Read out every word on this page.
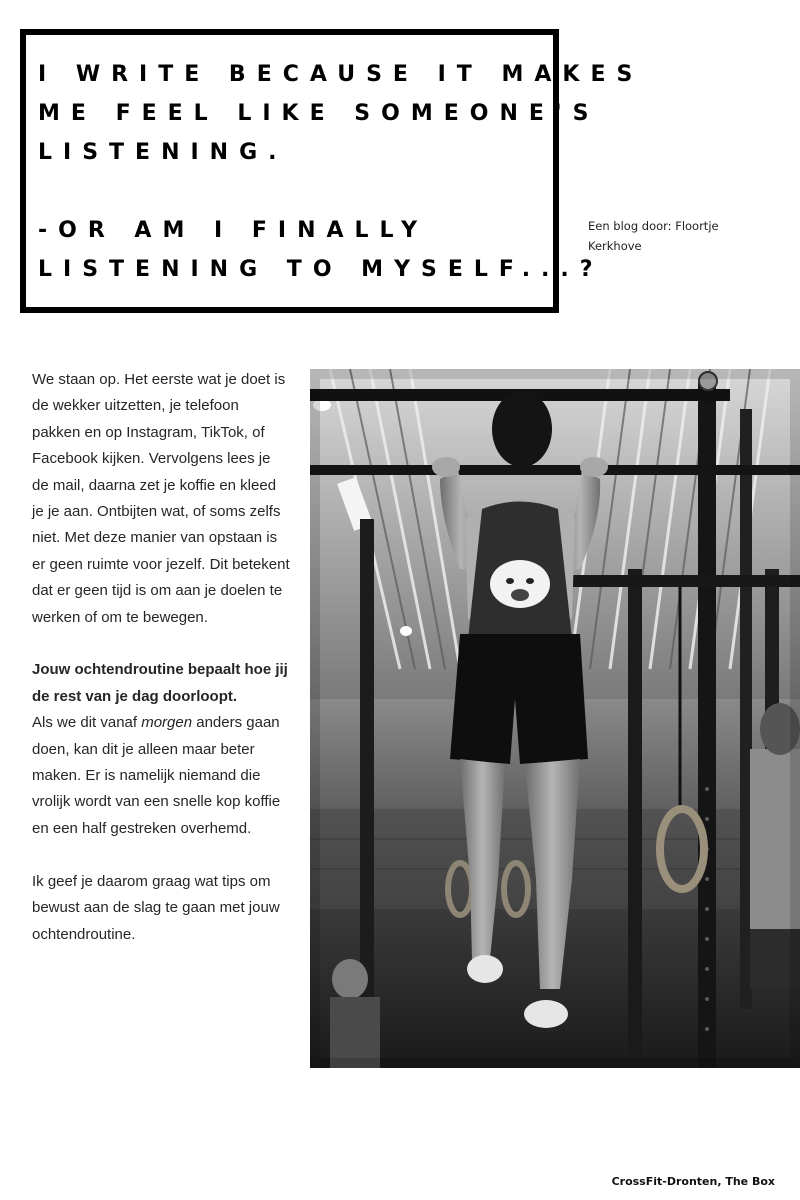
I WRITE BECAUSE IT MAKES
ME FEEL LIKE SOMEONE'S
LISTENING.
-OR AM I FINALLY
LISTENING TO MYSELF...?
Een blog door: Floortje
Kerkhove

We staan op. Het eerste wat je doet is de wekker uitzetten, je telefoon pakken en op Instagram, TikTok, of Facebook kijken. Vervolgens lees je de mail, daarna zet je koffie en kleed je je aan. Ontbijten wat, of soms zelfs niet. Met deze manier van opstaan is er geen ruimte voor jezelf. Dit betekent dat er geen tijd is om aan je doelen te werken of om te bewegen.

Jouw ochtendroutine bepaalt hoe jij de rest van je dag doorloopt.

Als we dit vanaf morgen anders gaan doen, kan dit je alleen maar beter maken. Er is namelijk niemand die vrolijk wordt van een snelle kop koffie en een half gestreken overhemd.

Ik geef je daarom graag wat tips om bewust aan de slag te gaan met jouw ochtendroutine.

CrossFit-Dronten, The Box
